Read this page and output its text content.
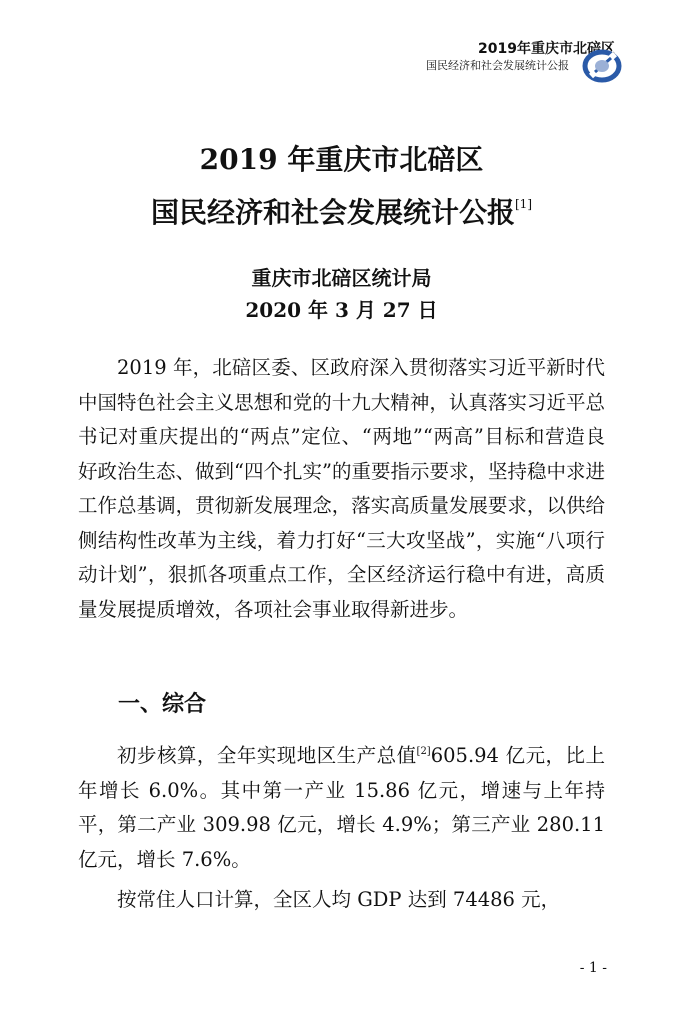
2019年重庆市北碚区
国民经济和社会发展统计公报
2019 年重庆市北碚区
国民经济和社会发展统计公报[1]
重庆市北碚区统计局
2020 年 3 月 27 日
2019 年，北碚区委、区政府深入贯彻落实习近平新时代中国特色社会主义思想和党的十九大精神，认真落实习近平总书记对重庆提出的“两点”定位、“两地”“两高”目标和营造良好政治生态、做到“四个扎实”的重要指示要求，坚持稳中求进工作总基调，贯彻新发展理念，落实高质量发展要求，以供给侧结构性改革为主线，着力打好“三大攻坚战”，实施“八项行动计划”，狠抓各项重点工作，全区经济运行稳中有进，高质量发展提质增效，各项社会事业取得新进步。
一、综合
初步核算，全年实现地区生产总值[2]605.94 亿元，比上年增长 6.0%。其中第一产业 15.86 亿元，增速与上年持平，第二产业 309.98 亿元，增长 4.9%；第三产业 280.11 亿元，增长 7.6%。
按常住人口计算，全区人均 GDP 达到 74486 元，
- 1 -
